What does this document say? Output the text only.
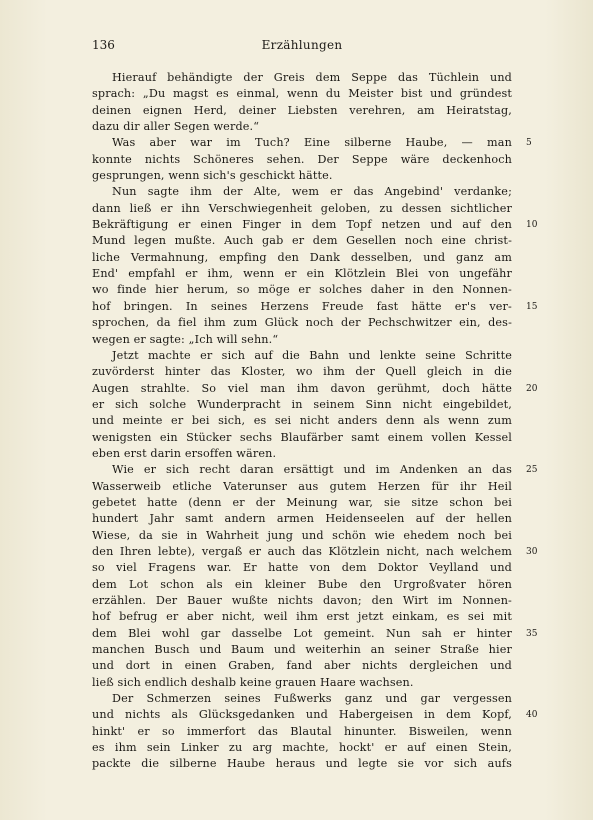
136	Erzählungen
Hierauf behändigte der Greis dem Seppe das Tüchlein und
sprach: „Du magst es einmal, wenn du Meister bist und gründest
deinen eignen Herd, deiner Liebsten verehren, am Heiratstag,
dazu dir aller Segen werde.“
Was aber war im Tuch? Eine silberne Haube, — man 5
konnte nichts Schöneres sehen. Der Seppe wäre deckenhoch
gesprungen, wenn sich's geschickt hätte.
Nun sagte ihm der Alte, wem er das Angebind' verdanke;
dann ließ er ihn Verschwiegenheit geloben, zu dessen sichtlicher
Bekräftigung er einen Finger in dem Topf netzen und auf den 10
Mund legen mußte. Auch gab er dem Gesellen noch eine christ-
liche Vermahnung, empfing den Dank desselben, und ganz am
End' empfahl er ihm, wenn er ein Klötzlein Blei von ungefähr
wo finde hier herum, so möge er solches daher in den Nonnen-
hof bringen. In seines Herzens Freude fast hätte er's ver- 15
sprochen, da fiel ihm zum Glück noch der Pechschwitzer ein, des-
wegen er sagte: „Ich will sehn.“
Jetzt machte er sich auf die Bahn und lenkte seine Schritte
zuvörderst hinter das Kloster, wo ihm der Quell gleich in die
Augen strahlte. So viel man ihm davon gerühmt, doch hätte 20
er sich solche Wunderpracht in seinem Sinn nicht eingebildet,
und meinte er bei sich, es sei nicht anders denn als wenn zum
wenigsten ein Stücker sechs Blaufärber samt einem vollen Kessel
eben erst darin ersoffen wären.
Wie er sich recht daran ersättigt und im Andenken an das 25
Wasserweib etliche Vaterunser aus gutem Herzen für ihr Heil
gebetet hatte (denn er der Meinung war, sie sitze schon bei
hundert Jahr samt andern armen Heidenseelen auf der hellen
Wiese, da sie in Wahrheit jung und schön wie ehedem noch bei
den Ihren lebte), vergaß er auch das Klötzlein nicht, nach welchem 30
so viel Fragens war. Er hatte von dem Doktor Veylland und
dem Lot schon als ein kleiner Bube den Urgroßvater hören
erzählen. Der Bauer wußte nichts davon; den Wirt im Nonnen-
hof befrug er aber nicht, weil ihm erst jetzt einkam, es sei mit
dem Blei wohl gar dasselbe Lot gemeint. Nun sah er hinter 35
manchen Busch und Baum und weiterhin an seiner Straße hier
und dort in einen Graben, fand aber nichts dergleichen und
ließ sich endlich deshalb keine grauen Haare wachsen.
Der Schmerzen seines Fußwerks ganz und gar vergessen
und nichts als Glücksgedanken und Habergeisen in dem Kopf, 40
hinkt' er so immerfort das Blautal hinunter. Bisweilen, wenn
es ihm sein Linker zu arg machte, hockt' er auf einen Stein,
packte die silberne Haube heraus und legte sie vor sich aufs
